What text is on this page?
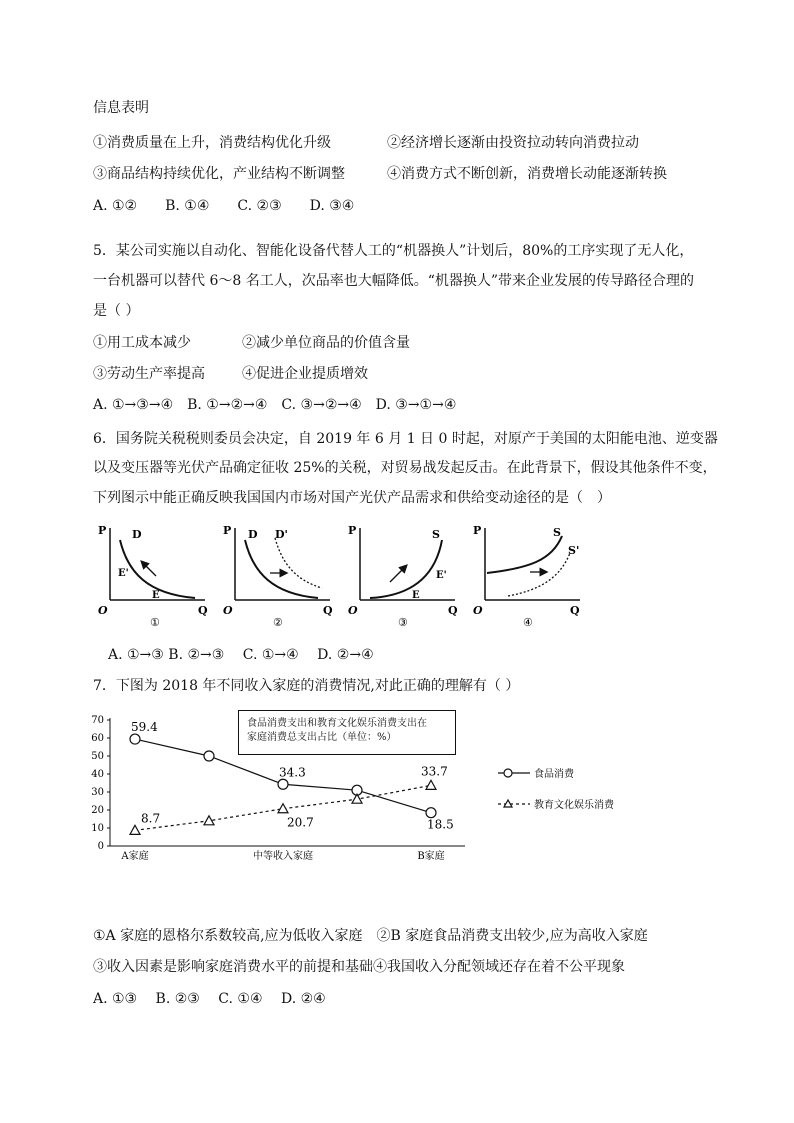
信息表明
①消费质量在上升，消费结构优化升级	②经济增长逐渐由投资拉动转向消费拉动
③商品结构持续优化，产业结构不断调整	④消费方式不断创新，消费增长动能逐渐转换
A. ①②　　B. ①④　　C. ②③　　D. ③④
5．某公司实施以自动化、智能化设备代替人工的“机器换人”计划后，80%的工序实现了无人化，
一台机器可以替代 6～8 名工人，次品率也大幅降低。“机器换人”带来企业发展的传导路径合理的
是（ ）
①用工成本减少	②减少单位商品的价值含量
③劳动生产率提高	④促进企业提质增效
A. ①→③→④　B. ①→②→④　C. ③→②→④　D. ③→①→④
6．国务院关税税则委员会决定，自 2019 年 6 月 1 日 0 时起，对原产于美国的太阳能电池、逆变器
以及变压器等光伏产品确定征收 25%的关税，对贸易战发起反击。在此背景下，假设其他条件不变，
下列图示中能正确反映我国国内市场对国产光伏产品需求和供给变动途径的是（　）
P
O	Q
D
E'
E
①
P
O	Q
D D'
②
P
O	Q
S
E'
E
③
P
O	Q
S
S'
④
A. ①→③ B. ②→③　 C. ①→④　 D. ②→④
7．下图为 2018 年不同收入家庭的消费情况,对此正确的理解有（ ）
0
10
20
30
40
50
60
70
A家庭	中等收入家庭	B家庭
59.4
34.3
18.5
8.7	20.7
33.7	食品消费
教育文化娱乐消费
食品消费支出和教育文化娱乐消费支出在
家庭消费总支出占比（单位：%）
①A 家庭的恩格尔系数较高,应为低收入家庭　②B 家庭食品消费支出较少,应为高收入家庭
③收入因素是影响家庭消费水平的前提和基础④我国收入分配领域还存在着不公平现象
A. ①③　 B. ②③　 C. ①④　 D. ②④
